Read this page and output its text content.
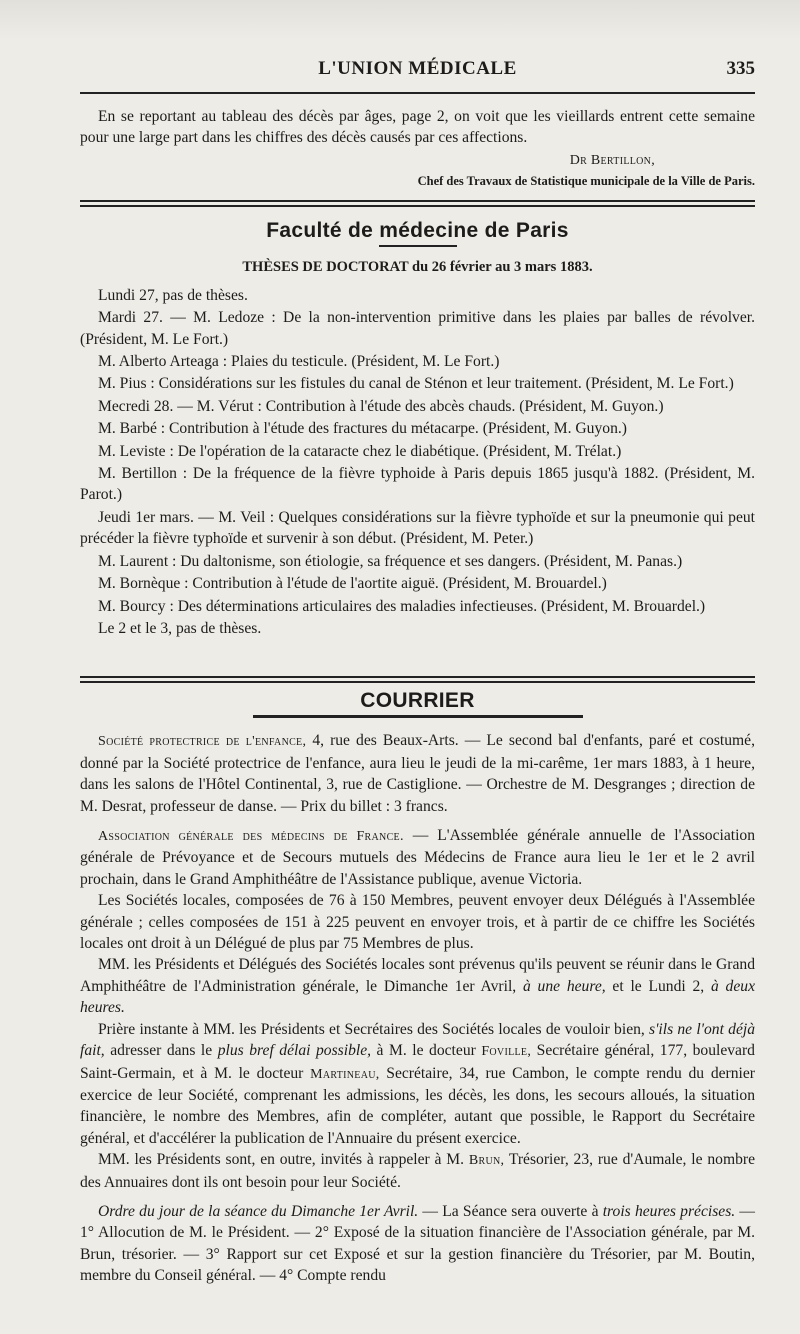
L'UNION MÉDICALE	335

En se reportant au tableau des décès par âges, page 2, on voit que les vieillards entrent cette semaine pour une large part dans les chiffres des décès causés par ces affections.

Dr Bertillon,
Chef des Travaux de Statistique municipale de la Ville de Paris.
Faculté de médecine de Paris
THÈSES DE DOCTORAT du 26 février au 3 mars 1883.

Lundi 27, pas de thèses.

Mardi 27. — M. Ledoze : De la non-intervention primitive dans les plaies par balles de révolver. (Président, M. Le Fort.)

M. Alberto Arteaga : Plaies du testicule. (Président, M. Le Fort.)

M. Pius : Considérations sur les fistules du canal de Sténon et leur traitement. (Président, M. Le Fort.)

Mecredi 28. — M. Vérut : Contribution à l'étude des abcès chauds. (Président, M. Guyon.)

M. Barbé : Contribution à l'étude des fractures du métacarpe. (Président, M. Guyon.)

M. Leviste : De l'opération de la cataracte chez le diabétique. (Président, M. Trélat.)

M. Bertillon : De la fréquence de la fièvre typhoide à Paris depuis 1865 jusqu'à 1882. (Président, M. Parot.)

Jeudi 1er mars. — M. Veil : Quelques considérations sur la fièvre typhoïde et sur la pneumonie qui peut précéder la fièvre typhoïde et survenir à son début. (Président, M. Peter.)

M. Laurent : Du daltonisme, son étiologie, sa fréquence et ses dangers. (Président, M. Panas.)

M. Bornèque : Contribution à l'étude de l'aortite aiguë. (Président, M. Brouardel.)

M. Bourcy : Des déterminations articulaires des maladies infectieuses. (Président, M. Brouardel.)

Le 2 et le 3, pas de thèses.

COURRIER

Société protectrice de l'enfance, 4, rue des Beaux-Arts. — Le second bal d'enfants, paré et costumé, donné par la Société protectrice de l'enfance, aura lieu le jeudi de la mi-carême, 1er mars 1883, à 1 heure, dans les salons de l'Hôtel Continental, 3, rue de Castiglione. — Orchestre de M. Desgranges ; direction de M. Desrat, professeur de danse. — Prix du billet : 3 francs.

Association générale des médecins de France. — L'Assemblée générale annuelle de l'Association générale de Prévoyance et de Secours mutuels des Médecins de France aura lieu le 1er et le 2 avril prochain, dans le Grand Amphithéâtre de l'Assistance publique, avenue Victoria.

Les Sociétés locales, composées de 76 à 150 Membres, peuvent envoyer deux Délégués à l'Assemblée générale ; celles composées de 151 à 225 peuvent en envoyer trois, et à partir de ce chiffre les Sociétés locales ont droit à un Délégué de plus par 75 Membres de plus.

MM. les Présidents et Délégués des Sociétés locales sont prévenus qu'ils peuvent se réunir dans le Grand Amphithéâtre de l'Administration générale, le Dimanche 1er Avril, à une heure, et le Lundi 2, à deux heures.

Prière instante à MM. les Présidents et Secrétaires des Sociétés locales de vouloir bien, s'ils ne l'ont déjà fait, adresser dans le plus bref délai possible, à M. le docteur Foville, Secrétaire général, 177, boulevard Saint-Germain, et à M. le docteur Martineau, Secrétaire, 34, rue Cambon, le compte rendu du dernier exercice de leur Société, comprenant les admissions, les décès, les dons, les secours alloués, la situation financière, le nombre des Membres, afin de compléter, autant que possible, le Rapport du Secrétaire général, et d'accélérer la publication de l'Annuaire du présent exercice.

MM. les Présidents sont, en outre, invités à rappeler à M. Brun, Trésorier, 23, rue d'Aumale, le nombre des Annuaires dont ils ont besoin pour leur Société.

Ordre du jour de la séance du Dimanche 1er Avril. — La Séance sera ouverte à trois heures précises. — 1° Allocution de M. le Président. — 2° Exposé de la situation financière de l'Association générale, par M. Brun, trésorier. — 3° Rapport sur cet Exposé et sur la gestion financière du Trésorier, par M. Boutin, membre du Conseil général. — 4° Compte rendu
